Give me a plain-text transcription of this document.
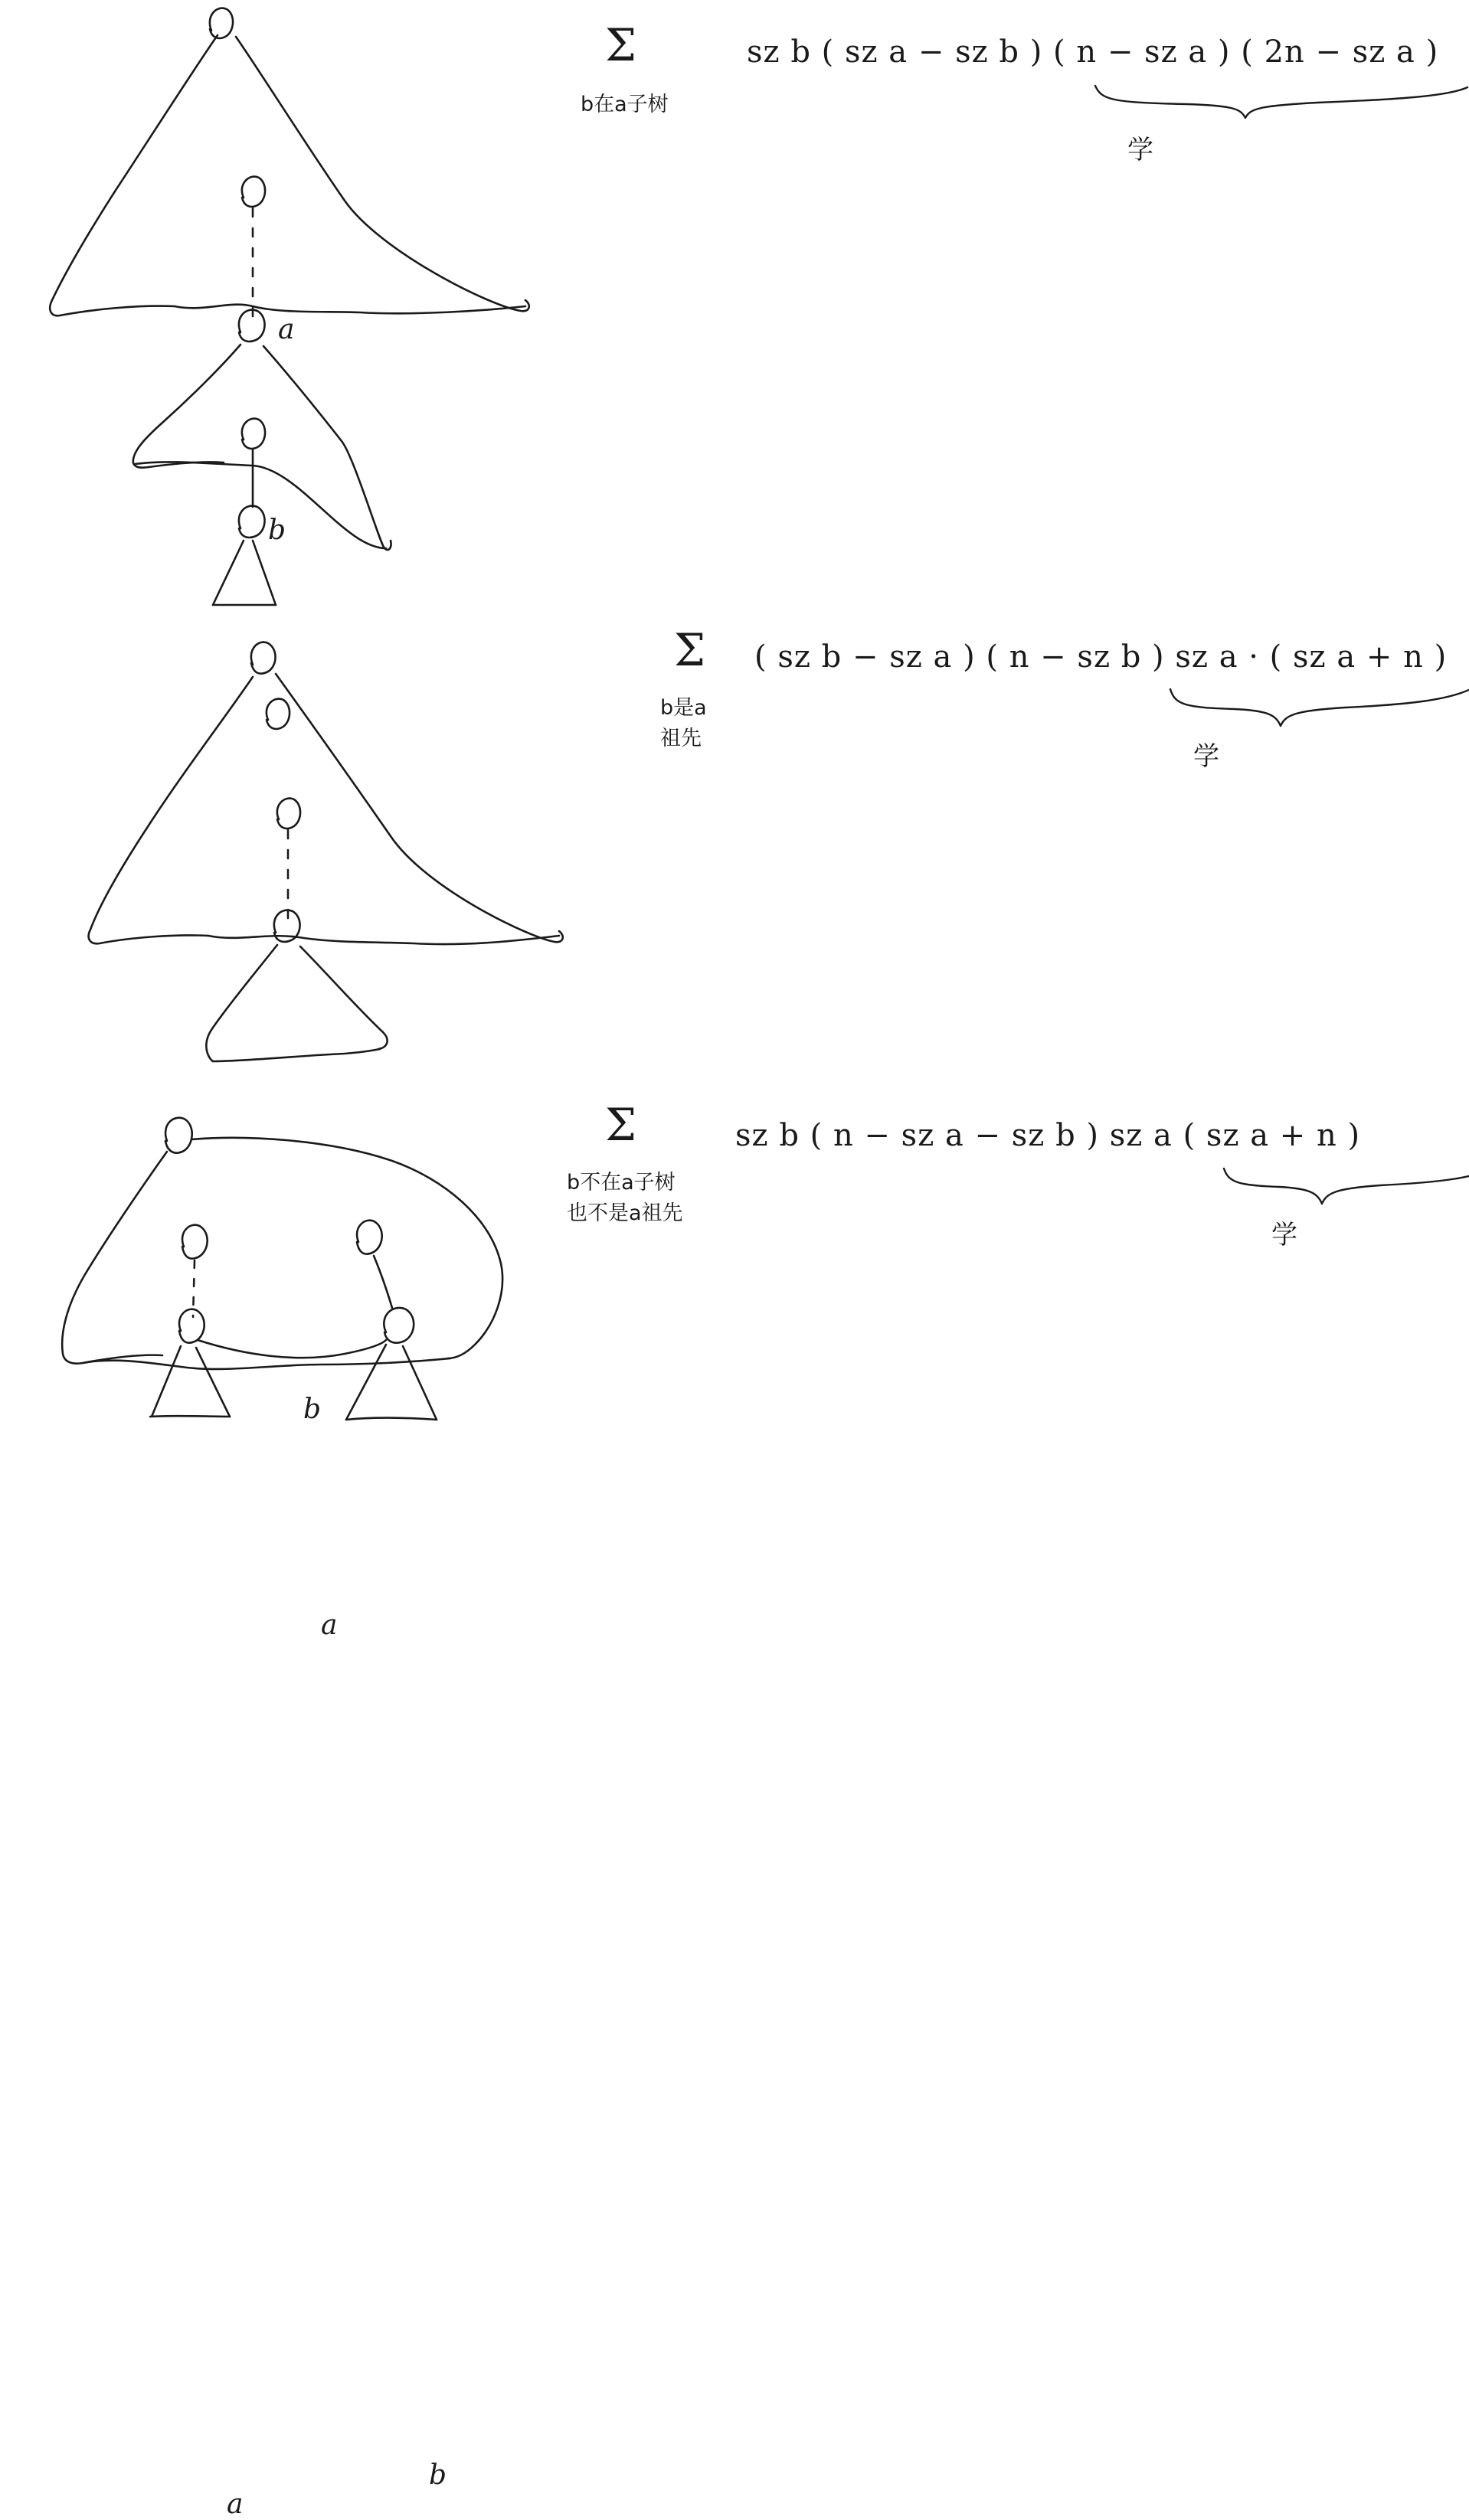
a
b
Σ
b在a子树
sz b ( sz a − sz b ) ( n − sz a ) ( 2n − sz a )
学
b
a
Σ
b是a
祖先
( sz b − sz a ) ( n − sz b ) sz a · ( sz a + n )
学
a
b
Σ
b不在a子树
也不是a祖先
sz b ( n − sz a − sz b ) sz a ( sz a + n )
学
